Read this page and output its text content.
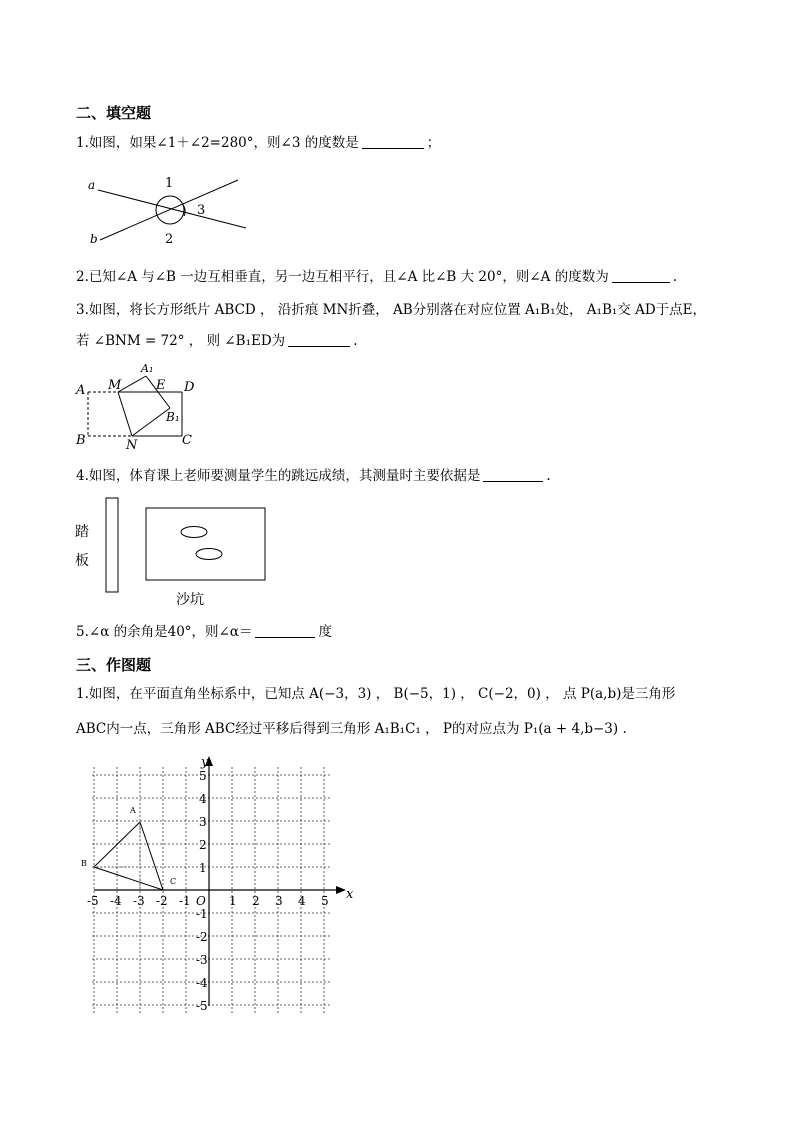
二、填空题
1.如图，如果∠1＋∠2=280°，则∠3 的度数是	；
a
b
1
2
3
2.已知∠A 与∠B 一边互相垂直，另一边互相平行，且∠A 比∠B 大 20°，则∠A 的度数为	.
3.如图，将长方形纸片 ABCD ， 沿折痕 MN折叠， AB分别落在对应位置 A₁B₁处， A₁B₁交 AD于点E，
若 ∠BNM = 72° ， 则 ∠B₁ED为	.
A M
A₁
E D
B₁
B	N	C
4.如图，体育课上老师要测量学生的跳远成绩，其测量时主要依据是	.
踏
板
沙坑
5.∠α 的余角是40°，则∠α＝	度
三、作图题
1.如图，在平面直角坐标系中，已知点 A(−3，3) ， B(−5，1) ， C(−2，0) ， 点 P(a,b)是三角形
ABC内一点，三角形 ABC经过平移后得到三角形 A₁B₁C₁ ， P的对应点为 P₁(a + 4,b−3) .
-5 -4 -3 -2 -1	1 2 3 4 5
5
4
3
2
1
-1
-2
-3
-4
-5
O	x
y
A
B
C
